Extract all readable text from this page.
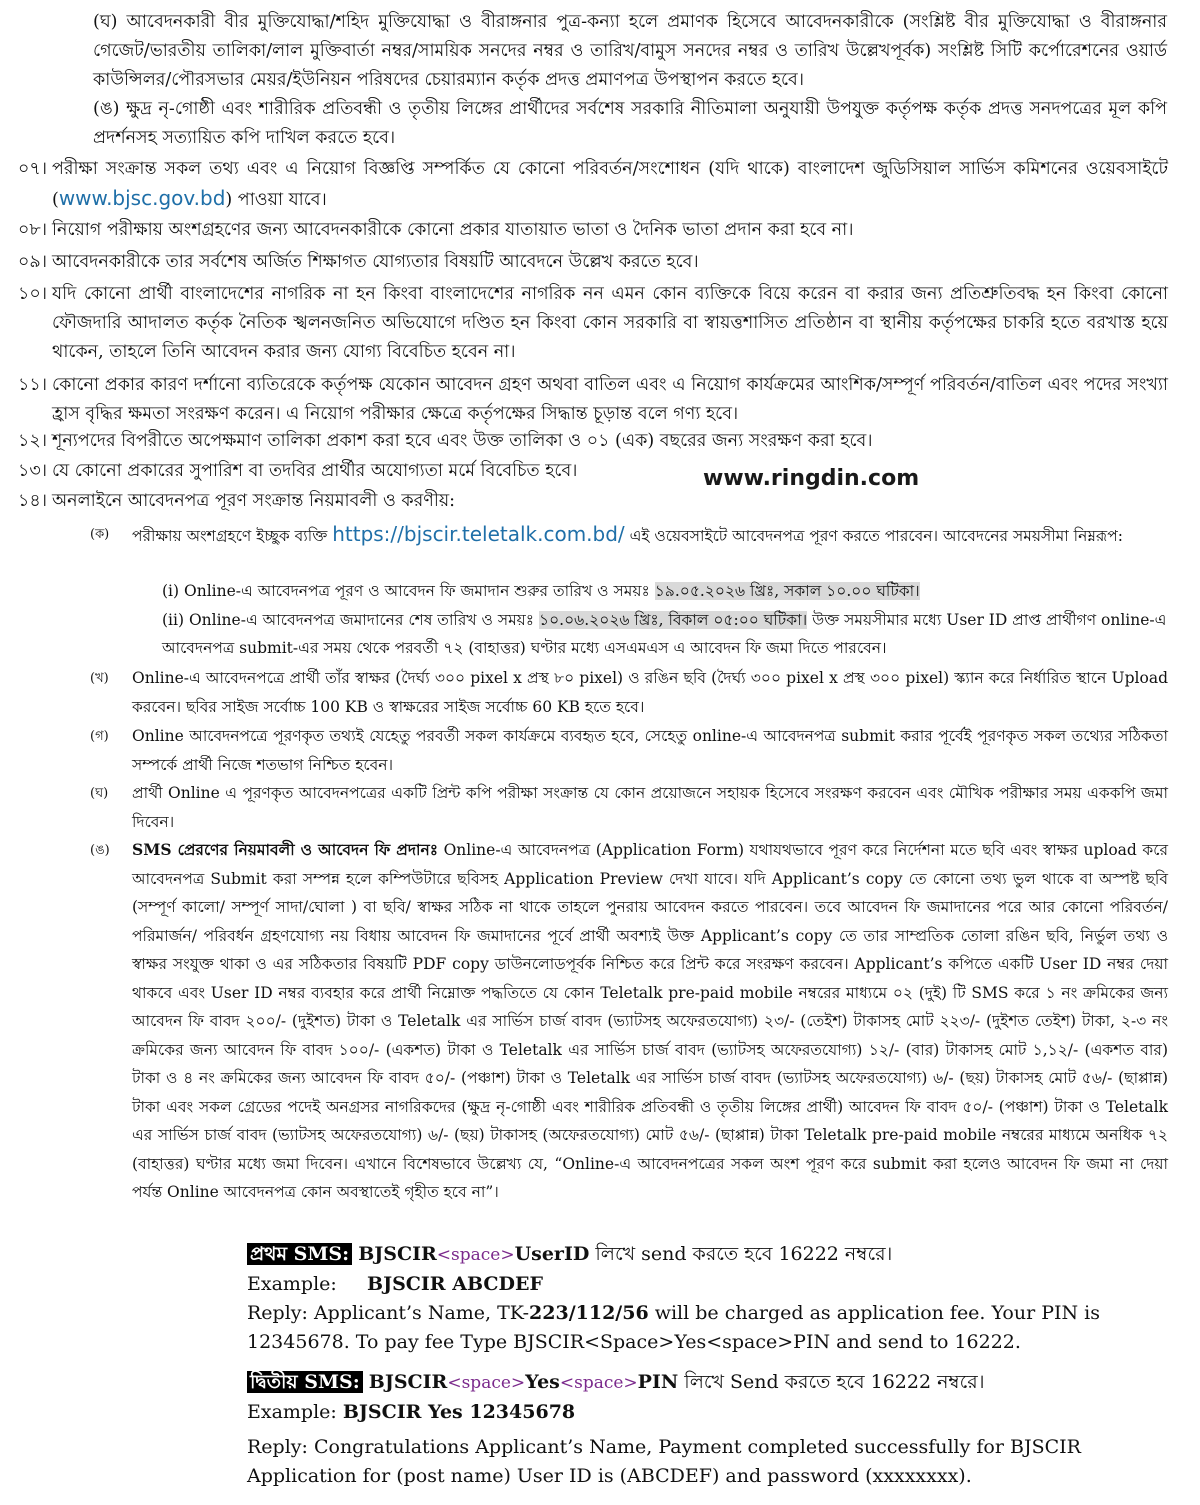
(ঘ) আবেদনকারী বীর মুক্তিযোদ্ধা/শহিদ মুক্তিযোদ্ধা ও বীরাঙ্গনার পুত্র-কন্যা হলে প্রমাণক হিসেবে আবেদনকারীকে (সংশ্লিষ্ট বীর মুক্তিযোদ্ধা ও বীরাঙ্গনার গেজেট/ভারতীয় তালিকা/লাল মুক্তিবার্তা নম্বর/সাময়িক সনদের নম্বর ও তারিখ/বামুস সনদের নম্বর ও তারিখ উল্লেখপূর্বক) সংশ্লিষ্ট সিটি কর্পোরেশনের ওয়ার্ড কাউন্সিলর/পৌরসভার মেয়র/ইউনিয়ন পরিষদের চেয়ারম্যান কর্তৃক প্রদত্ত প্রমাণপত্র উপস্থাপন করতে হবে।

(ঙ) ক্ষুদ্র নৃ-গোষ্ঠী এবং শারীরিক প্রতিবন্ধী ও তৃতীয় লিঙ্গের প্রার্থীদের সর্বশেষ সরকারি নীতিমালা অনুযায়ী উপযুক্ত কর্তৃপক্ষ কর্তৃক প্রদত্ত সনদপত্রের মূল কপি প্রদর্শনসহ সত্যায়িত কপি দাখিল করতে হবে।

০৭। পরীক্ষা সংক্রান্ত সকল তথ্য এবং এ নিয়োগ বিজ্ঞপ্তি সম্পর্কিত যে কোনো পরিবর্তন/সংশোধন (যদি থাকে) বাংলাদেশ জুডিসিয়াল সার্ভিস কমিশনের ওয়েবসাইটে (www.bjsc.gov.bd) পাওয়া যাবে।
০৮। নিয়োগ পরীক্ষায় অংশগ্রহণের জন্য আবেদনকারীকে কোনো প্রকার যাতায়াত ভাতা ও দৈনিক ভাতা প্রদান করা হবে না।
০৯। আবেদনকারীকে তার সর্বশেষ অর্জিত শিক্ষাগত যোগ্যতার বিষয়টি আবেদনে উল্লেখ করতে হবে।
১০। যদি কোনো প্রার্থী বাংলাদেশের নাগরিক না হন কিংবা বাংলাদেশের নাগরিক নন এমন কোন ব্যক্তিকে বিয়ে করেন বা করার জন্য প্রতিশ্রুতিবদ্ধ হন কিংবা কোনো ফৌজদারি আদালত কর্তৃক নৈতিক স্খলনজনিত অভিযোগে দণ্ডিত হন কিংবা কোন সরকারি বা স্বায়ত্তশাসিত প্রতিষ্ঠান বা স্থানীয় কর্তৃপক্ষের চাকরি হতে বরখাস্ত হয়ে থাকেন, তাহলে তিনি আবেদন করার জন্য যোগ্য বিবেচিত হবেন না।
১১। কোনো প্রকার কারণ দর্শানো ব্যতিরেকে কর্তৃপক্ষ যেকোন আবেদন গ্রহণ অথবা বাতিল এবং এ নিয়োগ কার্যক্রমের আংশিক/সম্পূর্ণ পরিবর্তন/বাতিল এবং পদের সংখ্যা হ্রাস বৃদ্ধির ক্ষমতা সংরক্ষণ করেন। এ নিয়োগ পরীক্ষার ক্ষেত্রে কর্তৃপক্ষের সিদ্ধান্ত চূড়ান্ত বলে গণ্য হবে।
১২। শূন্যপদের বিপরীতে অপেক্ষমাণ তালিকা প্রকাশ করা হবে এবং উক্ত তালিকা ও ০১ (এক) বছরের জন্য সংরক্ষণ করা হবে।
১৩। যে কোনো প্রকারের সুপারিশ বা তদবির প্রার্থীর অযোগ্যতা মর্মে বিবেচিত হবে।	www.ringdin.com
১৪। অনলাইনে আবেদনপত্র পূরণ সংক্রান্ত নিয়মাবলী ও করণীয়:
(ক) পরীক্ষায় অংশগ্রহণে ইচ্ছুক ব্যক্তি https://bjscir.teletalk.com.bd/ এই ওয়েবসাইটে আবেদনপত্র পূরণ করতে পারবেন। আবেদনের সময়সীমা নিম্নরূপ:
(i) Online-এ আবেদনপত্র পূরণ ও আবেদন ফি জমাদান শুরুর তারিখ ও সময়ঃ ১৯.০৫.২০২৬ খ্রিঃ, সকাল ১০.০০ ঘটিকা।
(ii) Online-এ আবেদনপত্র জমাদানের শেষ তারিখ ও সময়ঃ ১০.০৬.২০২৬ খ্রিঃ, বিকাল ০৫:০০ ঘটিকা। উক্ত সময়সীমার মধ্যে User ID প্রাপ্ত প্রার্থীগণ online-এ আবেদনপত্র submit-এর সময় থেকে পরবর্তী ৭২ (বাহাত্তর) ঘণ্টার মধ্যে এসএমএস এ আবেদন ফি জমা দিতে পারবেন।
(খ) Online-এ আবেদনপত্রে প্রার্থী তাঁর স্বাক্ষর (দৈর্ঘ্য ৩০০ pixel x প্রস্থ ৮০ pixel) ও রঙিন ছবি (দৈর্ঘ্য ৩০০ pixel x প্রস্থ ৩০০ pixel) স্ক্যান করে নির্ধারিত স্থানে Upload করবেন। ছবির সাইজ সর্বোচ্চ 100 KB ও স্বাক্ষরের সাইজ সর্বোচ্চ 60 KB হতে হবে।
(গ) Online আবেদনপত্রে পূরণকৃত তথ্যই যেহেতু পরবর্তী সকল কার্যক্রমে ব্যবহৃত হবে, সেহেতু online-এ আবেদনপত্র submit করার পূর্বেই পূরণকৃত সকল তথ্যের সঠিকতা সম্পর্কে প্রার্থী নিজে শতভাগ নিশ্চিত হবেন।
(ঘ) প্রার্থী Online এ পূরণকৃত আবেদনপত্রের একটি প্রিন্ট কপি পরীক্ষা সংক্রান্ত যে কোন প্রয়োজনে সহায়ক হিসেবে সংরক্ষণ করবেন এবং মৌখিক পরীক্ষার সময় এককপি জমা দিবেন।
(ঙ) SMS প্রেরণের নিয়মাবলী ও আবেদন ফি প্রদানঃ Online-এ আবেদনপত্র (Application Form) যথাযথভাবে পূরণ করে নির্দেশনা মতে ছবি এবং স্বাক্ষর upload করে আবেদনপত্র Submit করা সম্পন্ন হলে কম্পিউটারে ছবিসহ Application Preview দেখা যাবে। যদি Applicant’s copy তে কোনো তথ্য ভুল থাকে বা অস্পষ্ট ছবি (সম্পূর্ণ কালো/ সম্পূর্ণ সাদা/ঘোলা ) বা ছবি/ স্বাক্ষর সঠিক না থাকে তাহলে পুনরায় আবেদন করতে পারবেন। তবে আবেদন ফি জমাদানের পরে আর কোনো পরিবর্তন/পরিমার্জন/ পরিবর্ধন গ্রহণযোগ্য নয় বিধায় আবেদন ফি জমাদানের পূর্বে প্রার্থী অবশ্যই উক্ত Applicant’s copy তে তার সাম্প্রতিক তোলা রঙিন ছবি, নির্ভুল তথ্য ও স্বাক্ষর সংযুক্ত থাকা ও এর সঠিকতার বিষয়টি PDF copy ডাউনলোডপূর্বক নিশ্চিত করে প্রিন্ট করে সংরক্ষণ করবেন। Applicant’s কপিতে একটি User ID নম্বর দেয়া থাকবে এবং User ID নম্বর ব্যবহার করে প্রার্থী নিম্নোক্ত পদ্ধতিতে যে কোন Teletalk pre-paid mobile নম্বরের মাধ্যমে ০২ (দুই) টি SMS করে ১ নং ক্রমিকের জন্য আবেদন ফি বাবদ ২০০/- (দুইশত) টাকা ও Teletalk এর সার্ভিস চার্জ বাবদ (ভ্যাটসহ অফেরতযোগ্য) ২৩/- (তেইশ) টাকাসহ মোট ২২৩/- (দুইশত তেইশ) টাকা, ২-৩ নং ক্রমিকের জন্য আবেদন ফি বাবদ ১০০/- (একশত) টাকা ও Teletalk এর সার্ভিস চার্জ বাবদ (ভ্যাটসহ অফেরতযোগ্য) ১২/- (বার) টাকাসহ মোট ১,১২/- (একশত বার) টাকা ও ৪ নং ক্রমিকের জন্য আবেদন ফি বাবদ ৫০/- (পঞ্চাশ) টাকা ও Teletalk এর সার্ভিস চার্জ বাবদ (ভ্যাটসহ অফেরতযোগ্য) ৬/- (ছয়) টাকাসহ মোট ৫৬/- (ছাপ্পান্ন) টাকা এবং সকল গ্রেডের পদেই অনগ্রসর নাগরিকদের (ক্ষুদ্র নৃ-গোষ্ঠী এবং শারীরিক প্রতিবন্ধী ও তৃতীয় লিঙ্গের প্রার্থী) আবেদন ফি বাবদ ৫০/- (পঞ্চাশ) টাকা ও Teletalk এর সার্ভিস চার্জ বাবদ (ভ্যাটসহ অফেরতযোগ্য) ৬/- (ছয়) টাকাসহ (অফেরতযোগ্য) মোট ৫৬/- (ছাপ্পান্ন) টাকা Teletalk pre-paid mobile নম্বরের মাধ্যমে অনধিক ৭২ (বাহাত্তর) ঘণ্টার মধ্যে জমা দিবেন। এখানে বিশেষভাবে উল্লেখ্য যে, “Online-এ আবেদনপত্রের সকল অংশ পূরণ করে submit করা হলেও আবেদন ফি জমা না দেয়া পর্যন্ত Online আবেদনপত্র কোন অবস্থাতেই গৃহীত হবে না”।
প্রথম SMS: BJSCIR<space>UserID লিখে send করতে হবে 16222 নম্বরে।
Example: BJSCIR ABCDEF
Reply: Applicant’s Name, TK-223/112/56 will be charged as application fee. Your PIN is 12345678. To pay fee Type BJSCIR<Space>Yes<space>PIN and send to 16222.
দ্বিতীয় SMS: BJSCIR<space>Yes<space>PIN লিখে Send করতে হবে 16222 নম্বরে।
Example: BJSCIR Yes 12345678
Reply: Congratulations Applicant’s Name, Payment completed successfully for BJSCIR Application for (post name) User ID is (ABCDEF) and password (xxxxxxxx).
